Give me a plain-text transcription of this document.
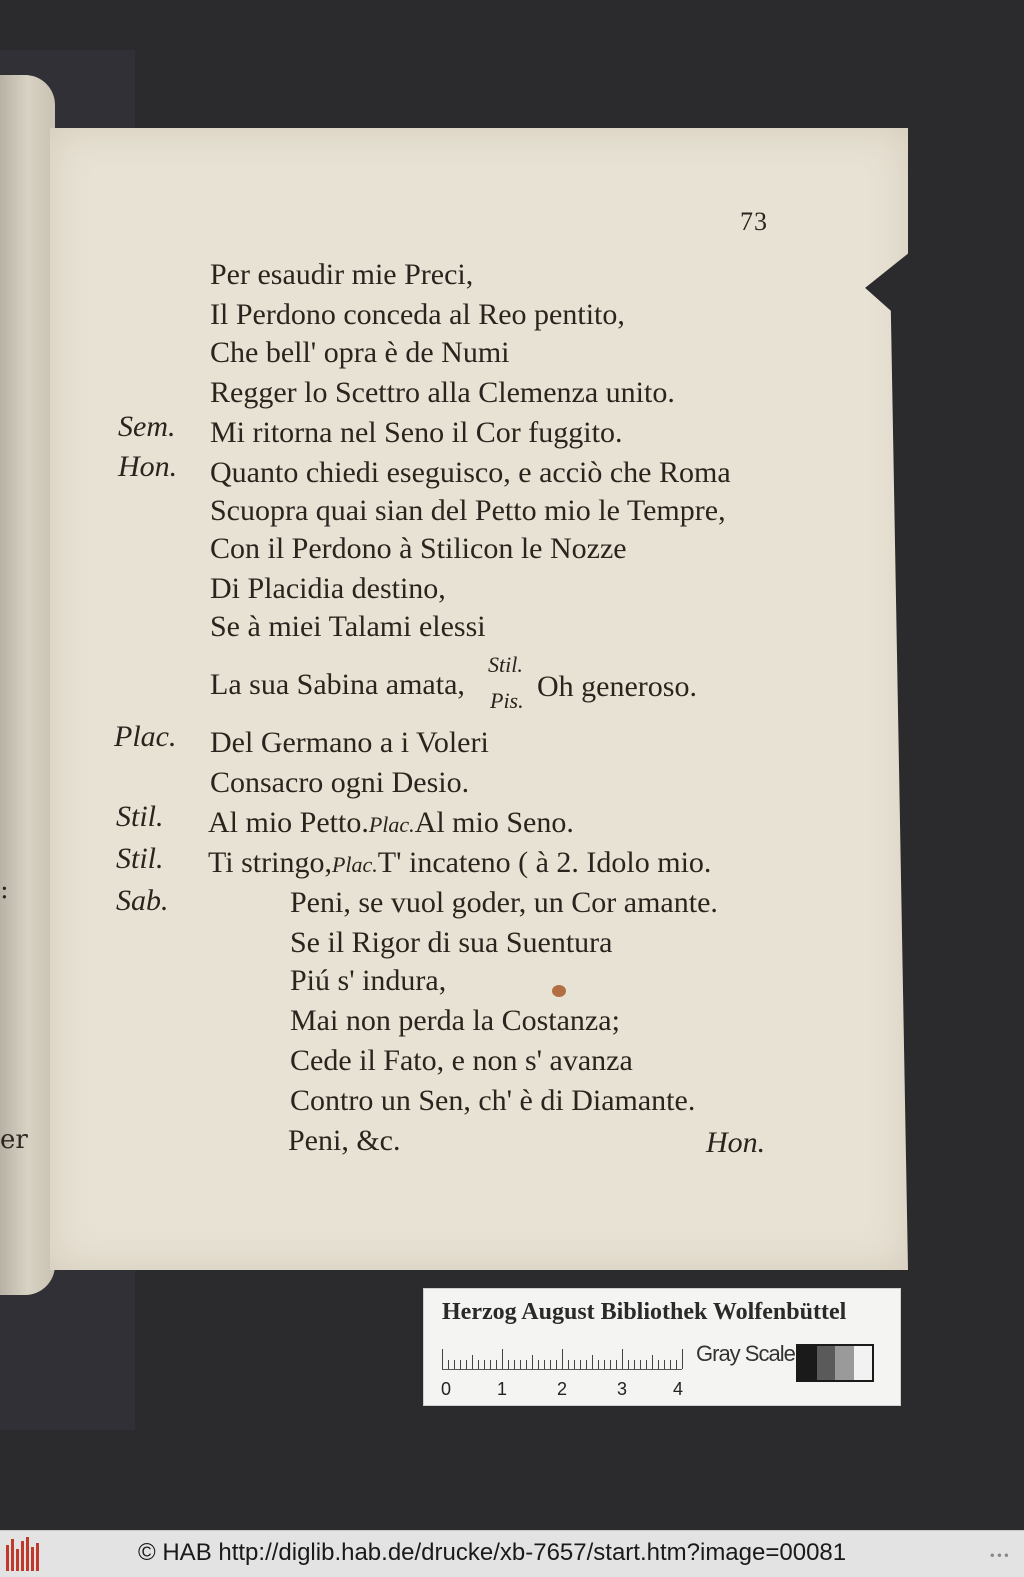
:
er
73
Per esaudir mie Preci,
Il Perdono conceda al Reo pentito,
Che bell' opra è de Numi
Regger lo Scettro alla Clemenza unito.
Sem. Mi ritorna nel Seno il Cor fuggito.
Hon. Quanto chiedi eseguisco, e acciò che Roma
Scuopra quai sian del Petto mio le Tempre,
Con il Perdono à Stilicon le Nozze
Di Placidia destino,
Se à miei Talami elessi
La sua Sabina amata,
Stil.
Pis. Oh generoso.
Plac. Del Germano a i Voleri
Consacro ogni Desio.
Stil. Al mio Petto.Plac.Al mio Seno.
Stil. Ti stringo,Plac.T' incateno ( à 2. Idolo mio.
Sab.	Peni, se vuol goder, un Cor amante.
Se il Rigor di sua Suentura
Piú s' indura,
Mai non perda la Costanza;
Cede il Fato, e non s' avanza
Contro un Sen, ch' è di Diamante.
Peni, &c.	Hon.
Herzog August Bibliothek Wolfenbüttel
0	1	2	3	4
Gray Scale
© HAB http://diglib.hab.de/drucke/xb-7657/start.htm?image=00081	•••
